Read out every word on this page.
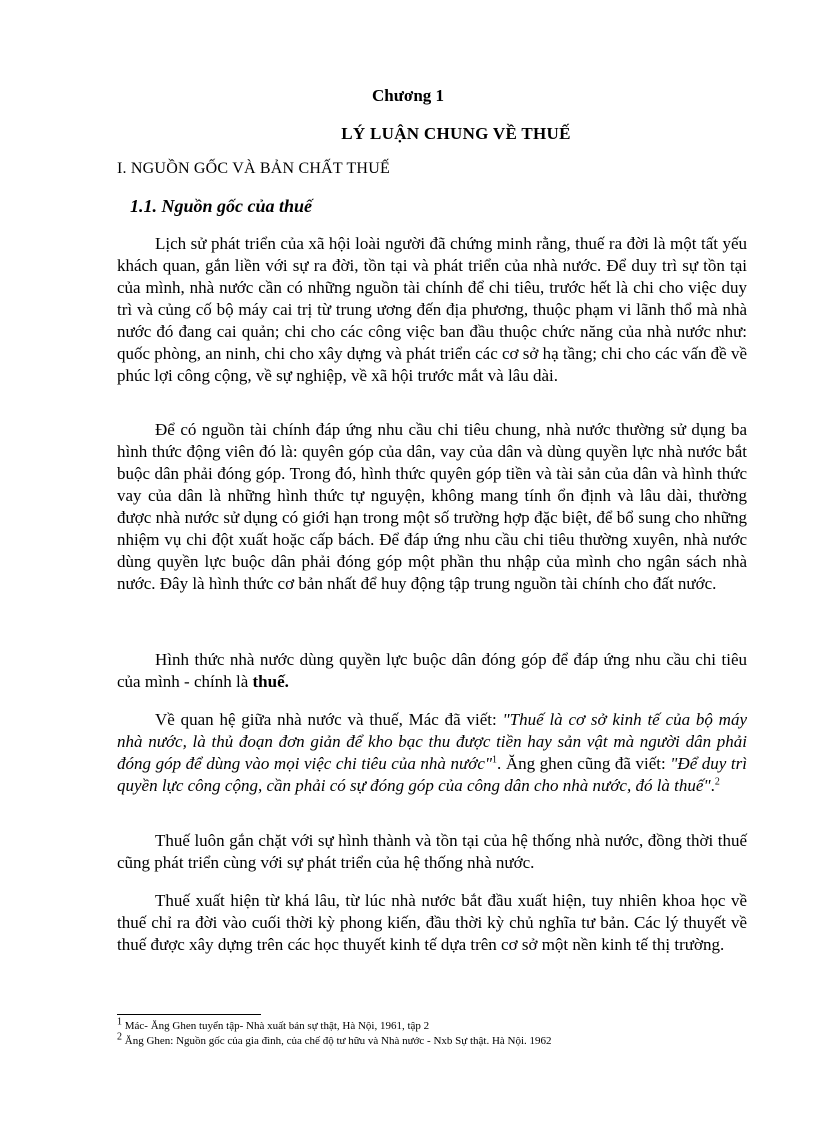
Chương 1
LÝ LUẬN CHUNG VỀ THUẾ
I. NGUỒN GỐC VÀ BẢN CHẤT THUẾ
1.1. Nguồn gốc của thuế

Lịch sử phát triển của xã hội loài người đã chứng minh rằng, thuế ra đời là một tất yếu khách quan, gắn liền với sự ra đời, tồn tại và phát triển của nhà nước. Để duy trì sự tồn tại của mình, nhà nước cần có những nguồn tài chính để chi tiêu, trước hết là chi cho việc duy trì và củng cố bộ máy cai trị từ trung ương đến địa phương, thuộc phạm vi lãnh thổ mà nhà nước đó đang cai quản; chi cho các công việc ban đầu thuộc chức năng của nhà nước như: quốc phòng, an ninh, chi cho xây dựng và phát triển các cơ sở hạ tầng; chi cho các vấn đề về phúc lợi công cộng, về sự nghiệp, về xã hội trước mắt và lâu dài.

Để có nguồn tài chính đáp ứng nhu cầu chi tiêu chung, nhà nước thường sử dụng ba hình thức động viên đó là: quyên góp của dân, vay của dân và dùng quyền lực nhà nước bắt buộc dân phải đóng góp. Trong đó, hình thức quyên góp tiền và tài sản của dân và hình thức vay của dân là những hình thức tự nguyện, không mang tính ổn định và lâu dài, thường được nhà nước sử dụng có giới hạn trong một số trường hợp đặc biệt, để bổ sung cho những nhiệm vụ chi đột xuất hoặc cấp bách. Để đáp ứng nhu cầu chi tiêu thường xuyên, nhà nước dùng quyền lực buộc dân phải đóng góp một phần thu nhập của mình cho ngân sách nhà nước. Đây là hình thức cơ bản nhất để huy động tập trung nguồn tài chính cho đất nước.

Hình thức nhà nước dùng quyền lực buộc dân đóng góp để đáp ứng nhu cầu chi tiêu của mình - chính là thuế.

Về quan hệ giữa nhà nước và thuế, Mác đã viết: "Thuế là cơ sở kinh tế của bộ máy nhà nước, là thủ đoạn đơn giản để kho bạc thu được tiền hay sản vật mà người dân phải đóng góp để dùng vào mọi việc chi tiêu của nhà nước"$^1$. Ăng ghen cũng đã viết: "Để duy trì quyền lực công cộng, cần phải có sự đóng góp của công dân cho nhà nước, đó là thuế".$^2$

Thuế luôn gắn chặt với sự hình thành và tồn tại của hệ thống nhà nước, đồng thời thuế cũng phát triển cùng với sự phát triển của hệ thống nhà nước.

Thuế xuất hiện từ khá lâu, từ lúc nhà nước bắt đầu xuất hiện, tuy nhiên khoa học về thuế chỉ ra đời vào cuối thời kỳ phong kiến, đầu thời kỳ chủ nghĩa tư bản. Các lý thuyết về thuế được xây dựng trên các học thuyết kinh tế dựa trên cơ sở một nền kinh tế thị trường.

$^1$ Mác- Ăng Ghen tuyển tập- Nhà xuất bản sự thật, Hà Nội, 1961, tập 2
$^2$ Ăng Ghen: Nguồn gốc của gia đình, của chế độ tư hữu và Nhà nước - Nxb Sự thật. Hà Nội. 1962
